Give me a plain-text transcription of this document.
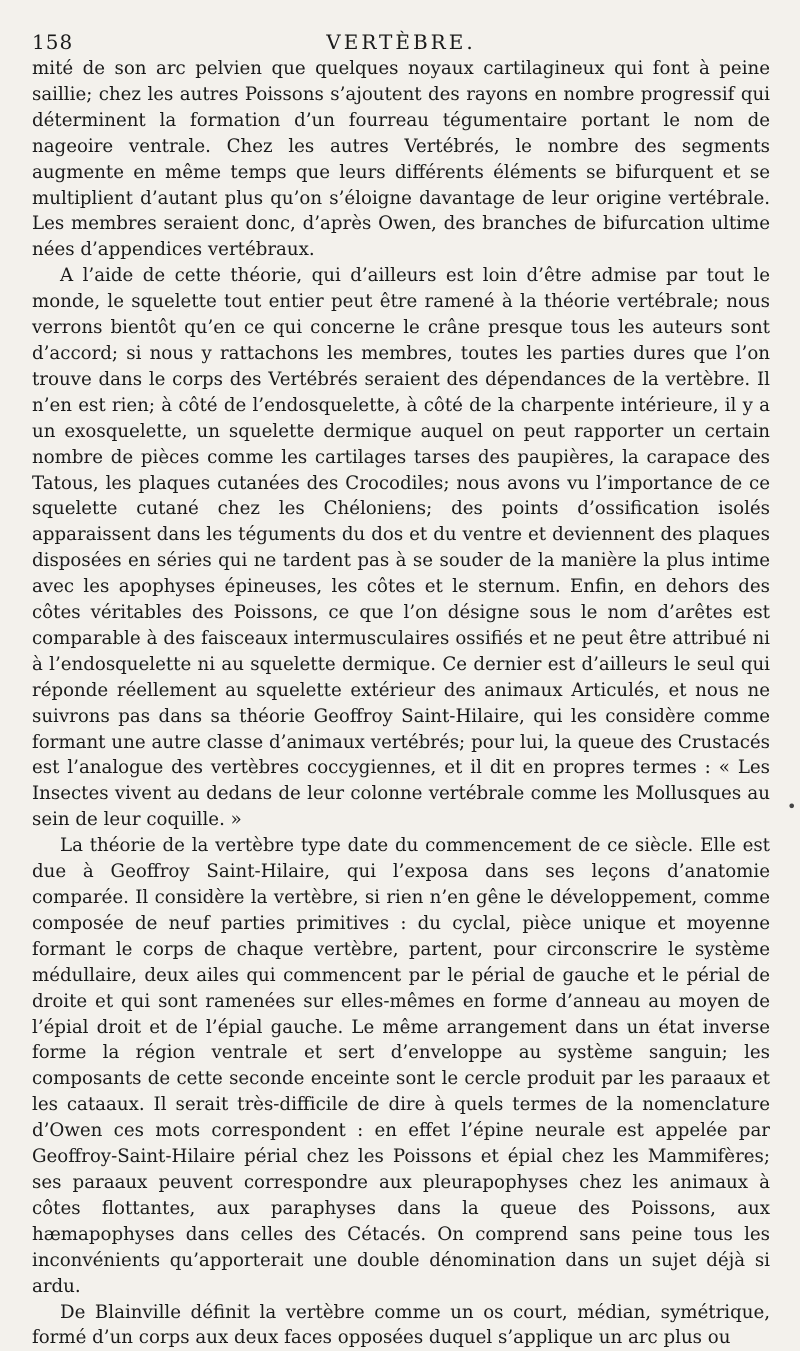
158	VERTÈBRE.

mité de son arc pelvien que quelques noyaux cartilagineux qui font à peine saillie; chez les autres Poissons s’ajoutent des rayons en nombre progressif qui déterminent la formation d’un fourreau tégumentaire portant le nom de nageoire ventrale. Chez les autres Vertébrés, le nombre des segments augmente en même temps que leurs différents éléments se bifurquent et se multiplient d’autant plus qu’on s’éloigne davantage de leur origine vertébrale. Les membres seraient donc, d’après Owen, des branches de bifurcation ultime nées d’appendices vertébraux.

A l’aide de cette théorie, qui d’ailleurs est loin d’être admise par tout le monde, le squelette tout entier peut être ramené à la théorie vertébrale; nous verrons bientôt qu’en ce qui concerne le crâne presque tous les auteurs sont d’accord; si nous y rattachons les membres, toutes les parties dures que l’on trouve dans le corps des Vertébrés seraient des dépendances de la vertèbre. Il n’en est rien; à côté de l’endosquelette, à côté de la charpente intérieure, il y a un exosquelette, un squelette dermique auquel on peut rapporter un certain nombre de pièces comme les cartilages tarses des paupières, la carapace des Tatous, les plaques cutanées des Crocodiles; nous avons vu l’importance de ce squelette cutané chez les Chéloniens; des points d’ossification isolés apparaissent dans les téguments du dos et du ventre et deviennent des plaques disposées en séries qui ne tardent pas à se souder de la manière la plus intime avec les apophyses épineuses, les côtes et le sternum. Enfin, en dehors des côtes véritables des Poissons, ce que l’on désigne sous le nom d’arêtes est comparable à des faisceaux intermusculaires ossifiés et ne peut être attribué ni à l’endosquelette ni au squelette dermique. Ce dernier est d’ailleurs le seul qui réponde réellement au squelette extérieur des animaux Articulés, et nous ne suivrons pas dans sa théorie Geoffroy Saint-Hilaire, qui les considère comme formant une autre classe d’animaux vertébrés; pour lui, la queue des Crustacés est l’analogue des vertèbres coccygiennes, et il dit en propres termes : « Les Insectes vivent au dedans de leur colonne vertébrale comme les Mollusques au sein de leur coquille. »

La théorie de la vertèbre type date du commencement de ce siècle. Elle est due à Geoffroy Saint-Hilaire, qui l’exposa dans ses leçons d’anatomie comparée. Il considère la vertèbre, si rien n’en gêne le développement, comme composée de neuf parties primitives : du cyclal, pièce unique et moyenne formant le corps de chaque vertèbre, partent, pour circonscrire le système médullaire, deux ailes qui commencent par le périal de gauche et le périal de droite et qui sont ramenées sur elles-mêmes en forme d’anneau au moyen de l’épial droit et de l’épial gauche. Le même arrangement dans un état inverse forme la région ventrale et sert d’enveloppe au système sanguin; les composants de cette seconde enceinte sont le cercle produit par les paraaux et les cataaux. Il serait très-difficile de dire à quels termes de la nomenclature d’Owen ces mots correspondent : en effet l’épine neurale est appelée par Geoffroy-Saint-Hilaire périal chez les Poissons et épial chez les Mammifères; ses paraaux peuvent correspondre aux pleurapophyses chez les animaux à côtes flottantes, aux paraphyses dans la queue des Poissons, aux hæmapophyses dans celles des Cétacés. On comprend sans peine tous les inconvénients qu’apporterait une double dénomination dans un sujet déjà si ardu.

De Blainville définit la vertèbre comme un os court, médian, symétrique, formé d’un corps aux deux faces opposées duquel s’applique un arc plus ou

•
